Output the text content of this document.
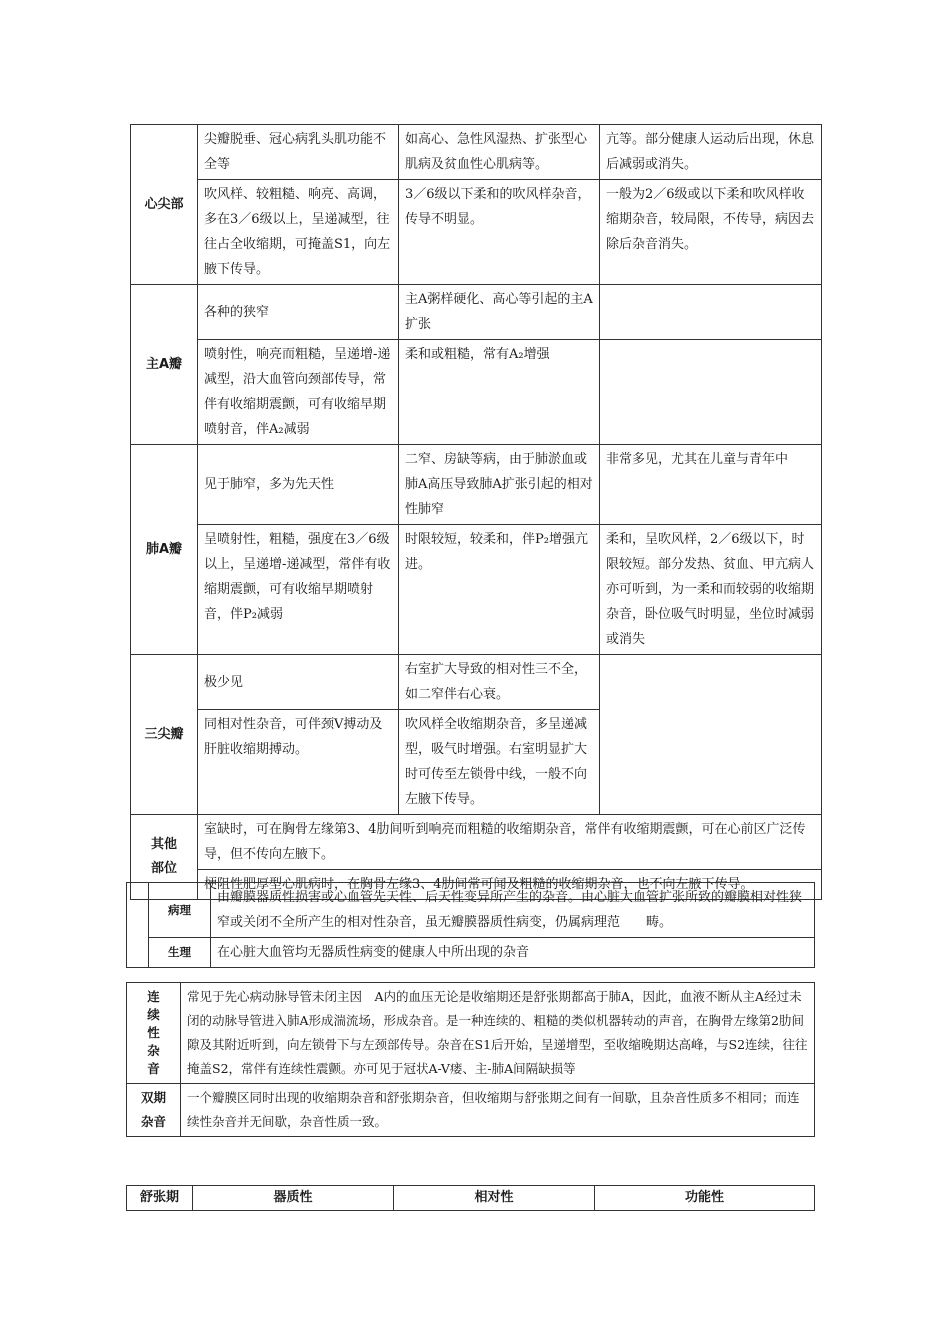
心尖部	尖瓣脱垂、冠心病乳头肌功能不全等	如高心、急性风湿热、扩张型心肌病及贫血性心肌病等。	亢等。部分健康人运动后出现，休息后减弱或消失。
	吹风样、较粗糙、响亮、高调，多在3／6级以上，呈递减型，往往占全收缩期，可掩盖S1，向左腋下传导。	3／6级以下柔和的吹风样杂音，传导不明显。	一般为2／6级或以下柔和吹风样收缩期杂音，较局限，不传导，病因去除后杂音消失。
主A瓣	各种的狭窄	主A粥样硬化、高心等引起的主A扩张	
	喷射性，响亮而粗糙，呈递增-递减型，沿大血管向颈部传导，常伴有收缩期震颤，可有收缩早期喷射音，伴A₂减弱	柔和或粗糙，常有A₂增强	
肺A瓣	见于肺窄，多为先天性	二窄、房缺等病，由于肺淤血或肺A高压导致肺A扩张引起的相对性肺窄	非常多见，尤其在儿童与青年中
	呈喷射性，粗糙，强度在3／6级以上，呈递增-递减型，常伴有收缩期震颤，可有收缩早期喷射音，伴P₂减弱	时限较短，较柔和，伴P₂增强亢进。	柔和，呈吹风样，2／6级以下，时限较短。部分发热、贫血、甲亢病人亦可听到，为一柔和而较弱的收缩期杂音，卧位吸气时明显，坐位时减弱或消失
三尖瓣	极少见	右室扩大导致的相对性三不全，如二窄伴右心衰。	
	同相对性杂音，可伴颈V搏动及肝脏收缩期搏动。	吹风样全收缩期杂音，多呈递减型，吸气时增强。右室明显扩大时可传至左锁骨中线，一般不向左腋下传导。	

其他部位	室缺时，可在胸骨左缘第3、4肋间听到响亮而粗糙的收缩期杂音，常伴有收缩期震颤，可在心前区广泛传导，但不传向左腋下。		
	梗阻性肥厚型心肌病时，在胸骨左缘3、4肋间常可闻及粗糙的收缩期杂音，也不向左腋下传导。		
	病理	由瓣膜器质性损害或心血管先天性、后天性变异所产生的杂音。由心脏大血管扩张所致的瓣膜相对性狭窄或关闭不全所产生的相对性杂音，虽无瓣膜器质性病变，仍属病理范　　畴。
	生理	在心脏大血管均无器质性病变的健康人中所出现的杂音
连续性杂音	常见于先心病动脉导管未闭主因　A内的血压无论是收缩期还是舒张期都高于肺A，因此，血液不断从主A经过未闭的动脉导管进入肺A形成湍流场，形成杂音。是一种连续的、粗糙的类似机器转动的声音，在胸骨左缘第2肋间隙及其附近听到，向左锁骨下与左颈部传导。杂音在S1后开始，呈递增型，至收缩晚期达高峰，与S2连续，往往掩盖S2，常伴有连续性震颤。亦可见于冠状A-V瘘、主-肺A间隔缺损等

双期杂音	一个瓣膜区同时出现的收缩期杂音和舒张期杂音，但收缩期与舒张期之间有一间歇，且杂音性质多不相同；而连续性杂音并无间歇，杂音性质一致。
舒张期	器质性	相对性	功能性
